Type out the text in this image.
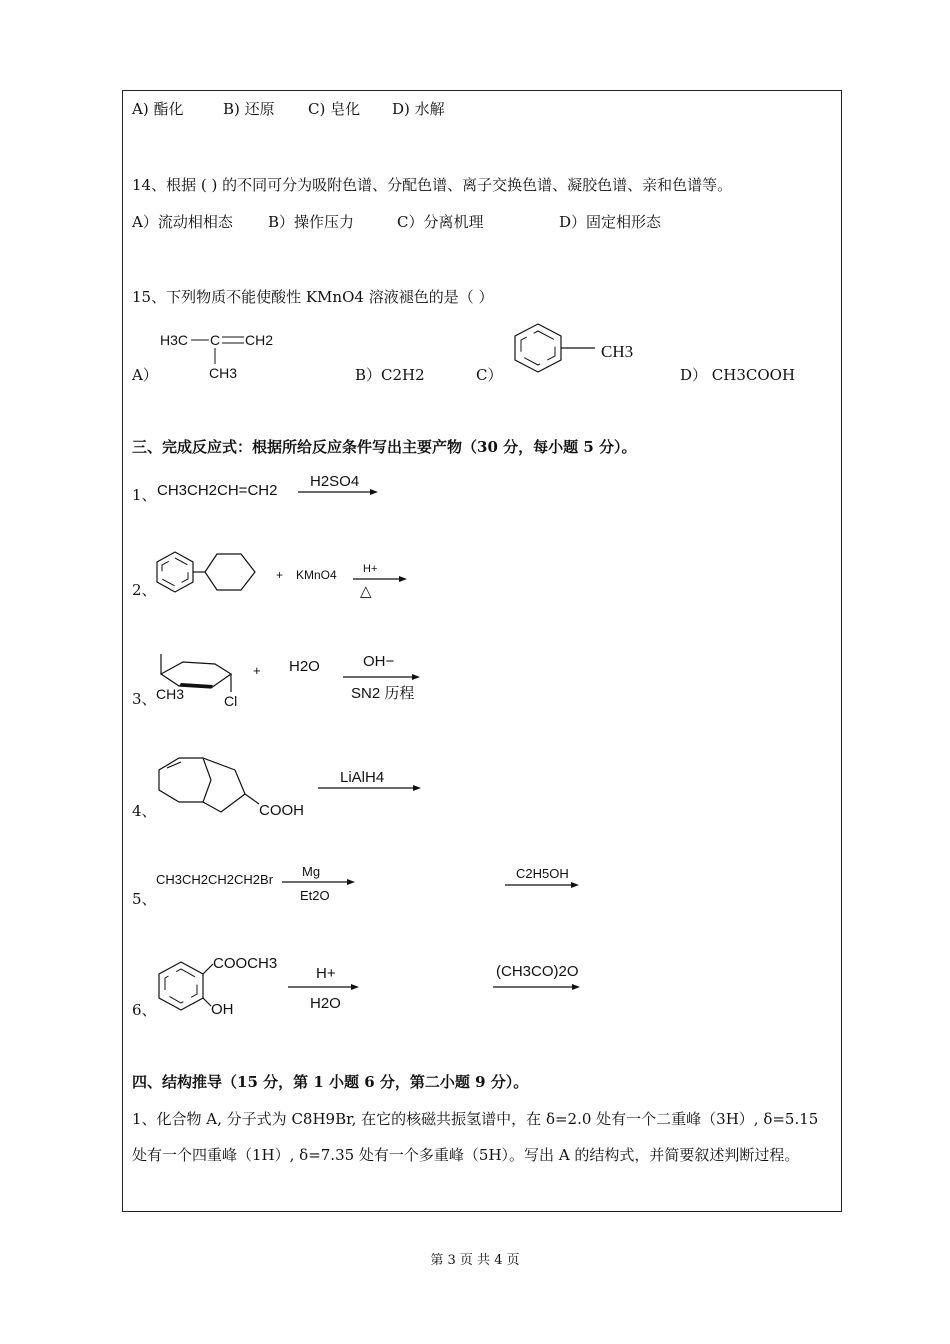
A) 酯化	B) 还原 C) 皂化 D) 水解
14、根据 ( ) 的不同可分为吸附色谱、分配色谱、离子交换色谱、凝胶色谱、亲和色谱等。
A）流动相相态 B）操作压力	C）分离机理	D）固定相形态
15、下列物质不能使酸性 KMnO4 溶液褪色的是（ ）
A）
H3C C CH2
CH3	B）C2H2	C）
CH3
D） CH3COOH
三、完成反应式：根据所给反应条件写出主要产物（30 分，每小题 5 分）。
1、 CH3CH2CH=CH2
H2SO4
2、
+ KMnO4 H+
△
3、 CH3	Cl
+ H2O	OH−
SN2 历程
4、	COOH
LiAlH4
5、
CH3CH2CH2CH2Br
Mg
Et2O
C2H5OH
6、
COOCH3
OH
H+
H2O
(CH3CO)2O
四、结构推导（15 分，第 1 小题 6 分，第二小题 9 分）。
1、化合物 A, 分子式为 C8H9Br, 在它的核磁共振氢谱中，在 δ=2.0 处有一个二重峰（3H）, δ=5.15
处有一个四重峰（1H）, δ=7.35 处有一个多重峰（5H）。写出 A 的结构式，并简要叙述判断过程。
第 3 页 共 4 页
